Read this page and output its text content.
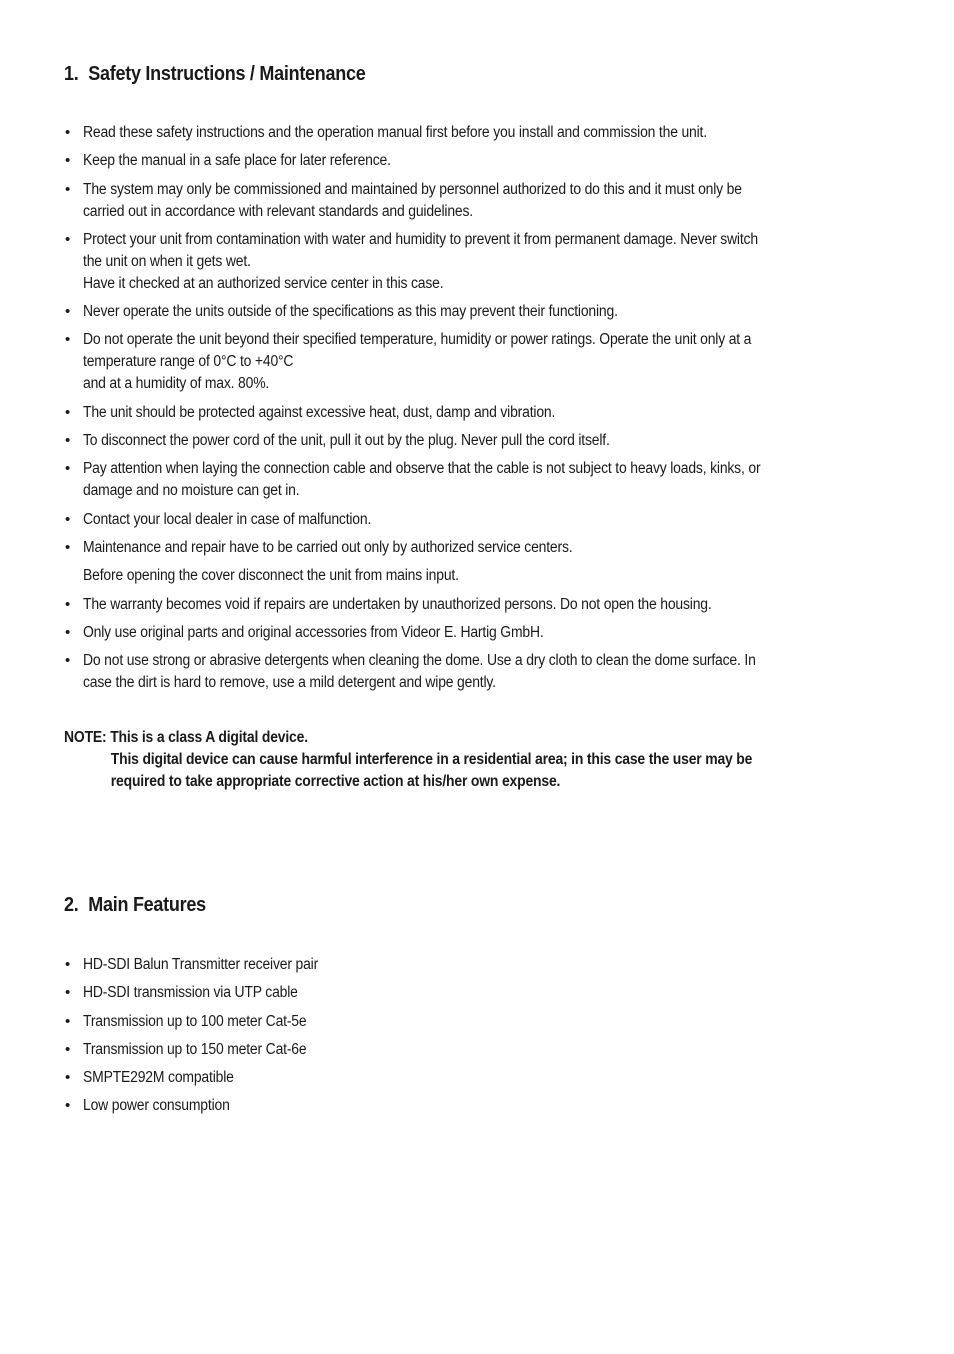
1. Safety Instructions / Maintenance
• Read these safety instructions and the operation manual first before you install and commission the unit.
• Keep the manual in a safe place for later reference.
• The system may only be commissioned and maintained by personnel authorized to do this and it must only be
carried out in accordance with relevant standards and guidelines.
• Protect your unit from contamination with water and humidity to prevent it from permanent damage. Never switch
the unit on when it gets wet.
Have it checked at an authorized service center in this case.
• Never operate the units outside of the specifications as this may prevent their functioning.
• Do not operate the unit beyond their specified temperature, humidity or power ratings. Operate the unit only at a
temperature range of 0°C to +40°C
and at a humidity of max. 80%.
• The unit should be protected against excessive heat, dust, damp and vibration.
• To disconnect the power cord of the unit, pull it out by the plug. Never pull the cord itself.
• Pay attention when laying the connection cable and observe that the cable is not subject to heavy loads, kinks, or
damage and no moisture can get in.
• Contact your local dealer in case of malfunction.
• Maintenance and repair have to be carried out only by authorized service centers.
Before opening the cover disconnect the unit from mains input.
• The warranty becomes void if repairs are undertaken by unauthorized persons. Do not open the housing.
• Only use original parts and original accessories from Videor E. Hartig GmbH.
• Do not use strong or abrasive detergents when cleaning the dome. Use a dry cloth to clean the dome surface. In
case the dirt is hard to remove, use a mild detergent and wipe gently.
NOTE: This is a class A digital device.
This digital device can cause harmful interference in a residential area; in this case the user may be
required to take appropriate corrective action at his/her own expense.
2. Main Features
• HD-SDI Balun Transmitter receiver pair
• HD-SDI transmission via UTP cable
• Transmission up to 100 meter Cat-5e
• Transmission up to 150 meter Cat-6e
• SMPTE292M compatible
• Low power consumption
